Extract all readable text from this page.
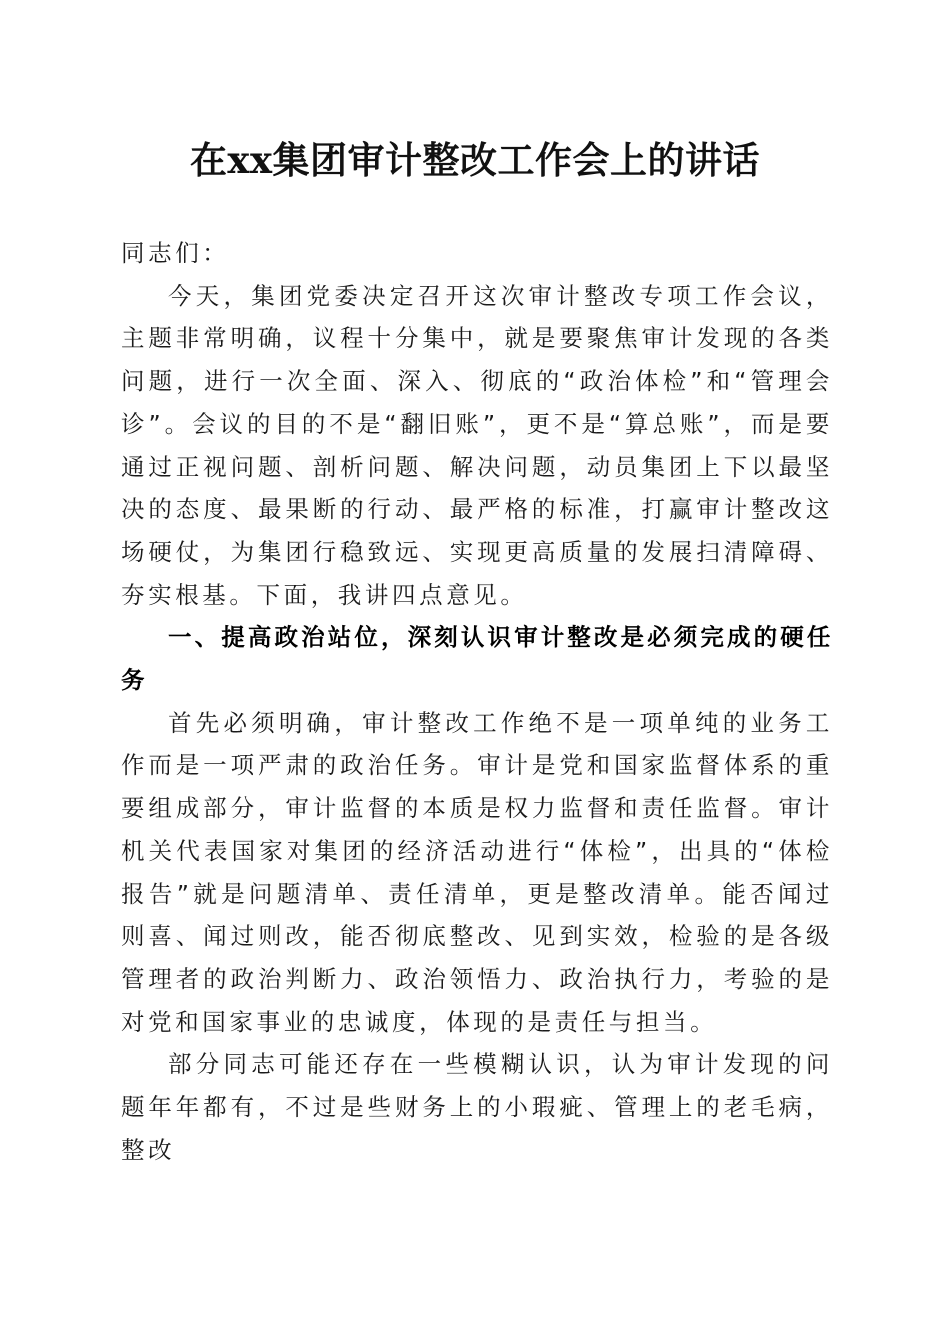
在xx集团审计整改工作会上的讲话

同志们：

今天，集团党委决定召开这次审计整改专项工作会议，主题非常明确，议程十分集中，就是要聚焦审计发现的各类问题，进行一次全面、深入、彻底的“政治体检”和“管理会诊”。会议的目的不是“翻旧账”，更不是“算总账”，而是要通过正视问题、剖析问题、解决问题，动员集团上下以最坚决的态度、最果断的行动、最严格的标准，打赢审计整改这场硬仗，为集团行稳致远、实现更高质量的发展扫清障碍、夯实根基。下面，我讲四点意见。

一、提高政治站位，深刻认识审计整改是必须完成的硬任务

首先必须明确，审计整改工作绝不是一项单纯的业务工作而是一项严肃的政治任务。审计是党和国家监督体系的重要组成部分，审计监督的本质是权力监督和责任监督。审计机关代表国家对集团的经济活动进行“体检”，出具的“体检报告”就是问题清单、责任清单，更是整改清单。能否闻过则喜、闻过则改，能否彻底整改、见到实效，检验的是各级管理者的政治判断力、政治领悟力、政治执行力，考验的是对党和国家事业的忠诚度，体现的是责任与担当。

部分同志可能还存在一些模糊认识，认为审计发现的问题年年都有，不过是些财务上的小瑕疵、管理上的老毛病，整改
